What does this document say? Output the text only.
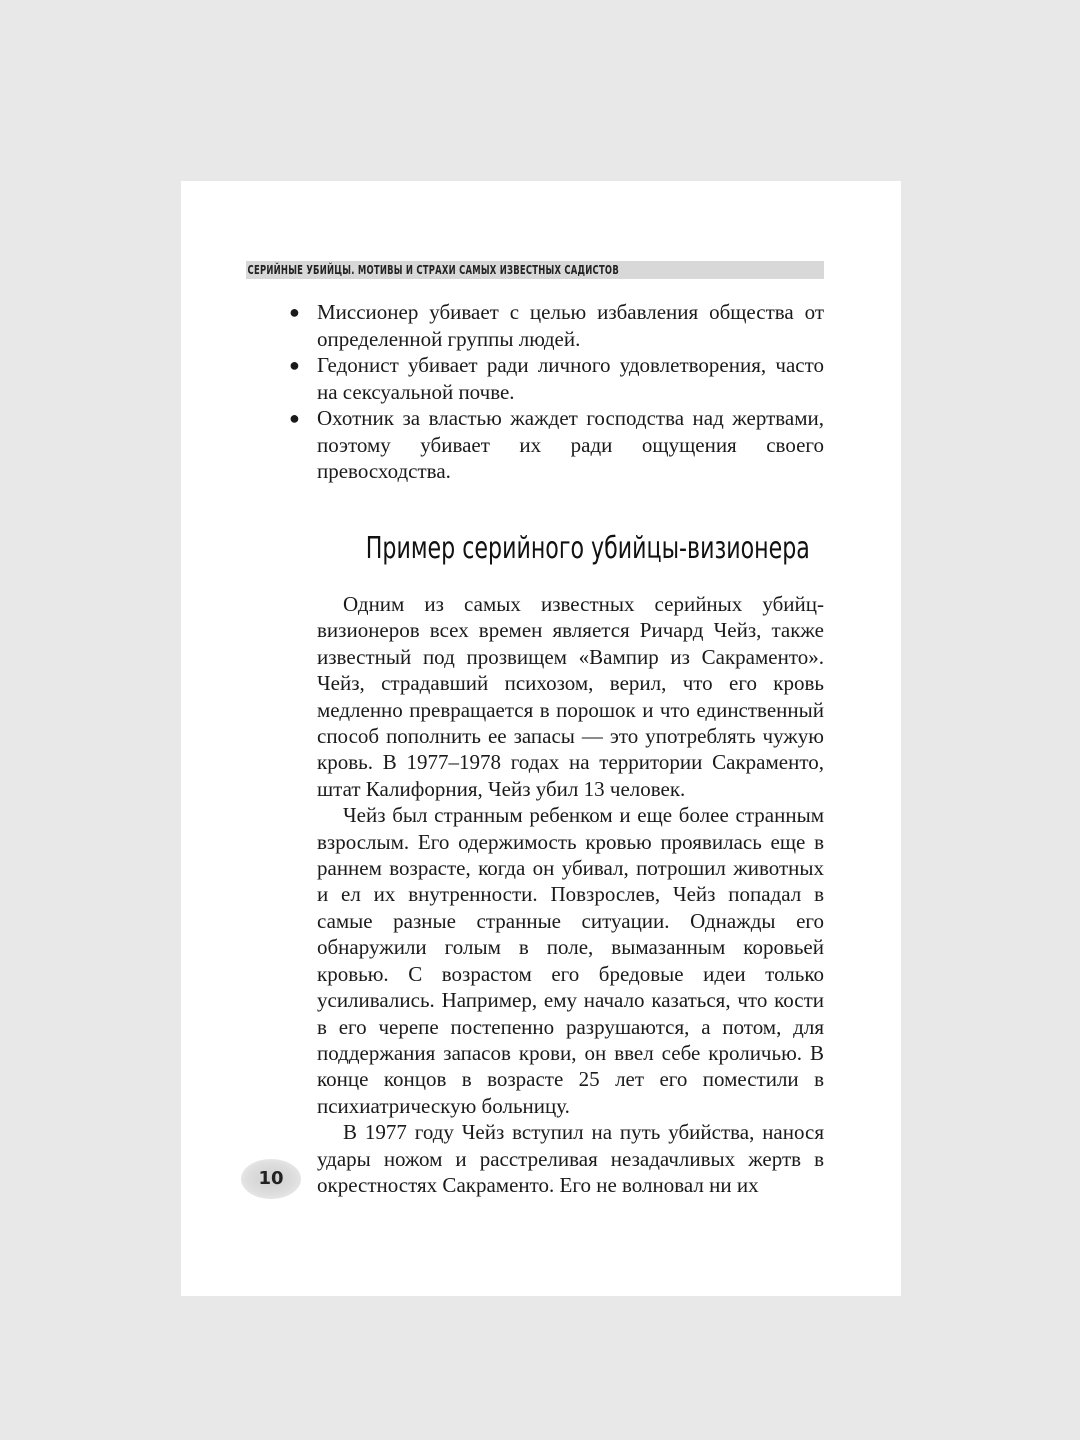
СЕРИЙНЫЕ УБИЙЦЫ. МОТИВЫ И СТРАХИ САМЫХ ИЗВЕСТНЫХ САДИСТОВ
● Миссионер убивает с целью избавления общества от определенной группы людей.
● Гедонист убивает ради личного удовлетворения, часто на сексуальной почве.
● Охотник за властью жаждет господства над жертвами, поэтому убивает их ради ощущения своего превосходства.
Пример серийного убийцы-визионера

Одним из самых известных серийных убийц-визионеров всех времен является Ричард Чейз, также известный под прозвищем «Вампир из Сакраменто». Чейз, страдавший психозом, верил, что его кровь медленно превращается в порошок и что единственный способ пополнить ее запасы — это употреблять чужую кровь. В 1977–1978 годах на территории Сакраменто, штат Калифорния, Чейз убил 13 человек.

Чейз был странным ребенком и еще более странным взрослым. Его одержимость кровью проявилась еще в раннем возрасте, когда он убивал, потрошил животных и ел их внутренности. Повзрослев, Чейз попадал в самые разные странные ситуации. Однажды его обнаружили голым в поле, вымазанным коровьей кровью. С возрастом его бредовые идеи только усиливались. Например, ему начало казаться, что кости в его черепе постепенно разрушаются, а потом, для поддержания запасов крови, он ввел себе кроличью. В конце концов в возрасте 25 лет его поместили в психиатрическую больницу.

В 1977 году Чейз вступил на путь убийства, нанося удары ножом и расстреливая незадачливых жертв в окрестностях Сакраменто. Его не волновал ни их

10
